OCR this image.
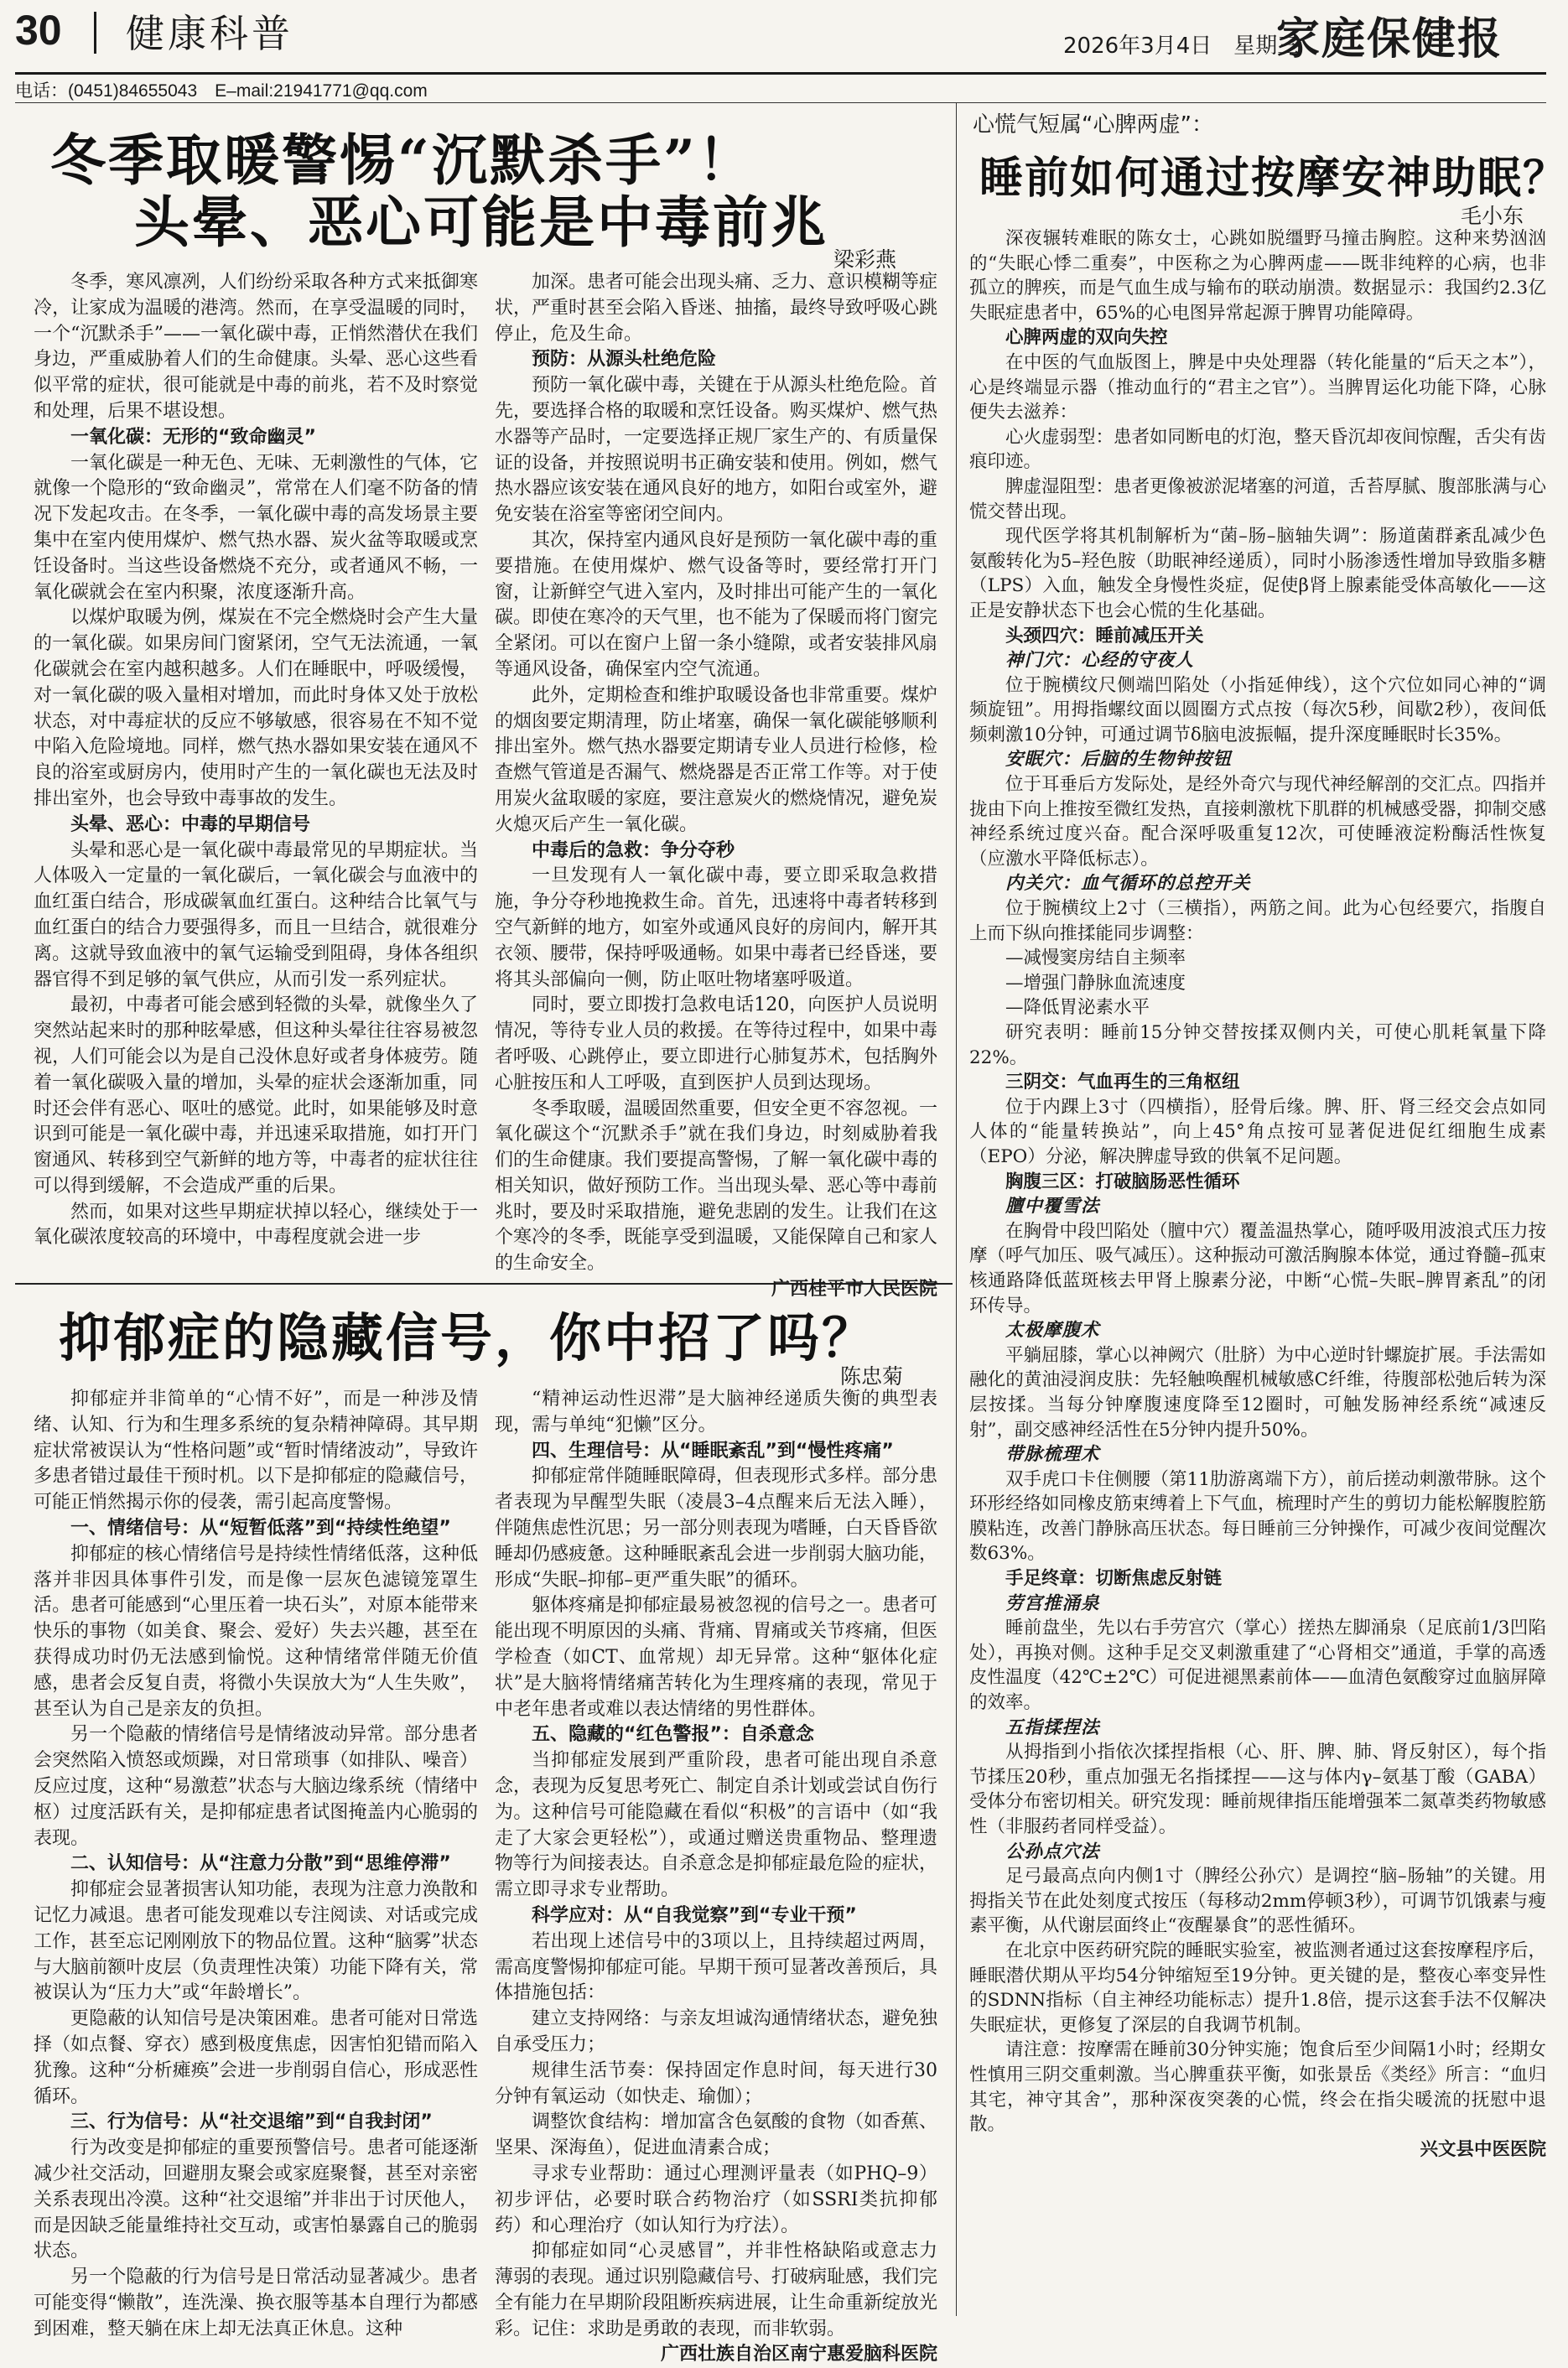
30 健康科普	2026年3月4日　星期三
家庭保健报
电话：(0451)84655043　E–mail:21941771@qq.com
冬季取暖警惕“沉默杀手”！
头晕、恶心可能是中毒前兆
梁彩燕

冬季，寒风凛冽，人们纷纷采取各种方式来抵御寒冷，让家成为温暖的港湾。然而，在享受温暖的同时，一个“沉默杀手”——一氧化碳中毒，正悄然潜伏在我们身边，严重威胁着人们的生命健康。头晕、恶心这些看似平常的症状，很可能就是中毒的前兆，若不及时察觉和处理，后果不堪设想。

一氧化碳：无形的“致命幽灵”

一氧化碳是一种无色、无味、无刺激性的气体，它就像一个隐形的“致命幽灵”，常常在人们毫不防备的情况下发起攻击。在冬季，一氧化碳中毒的高发场景主要集中在室内使用煤炉、燃气热水器、炭火盆等取暖或烹饪设备时。当这些设备燃烧不充分，或者通风不畅，一氧化碳就会在室内积聚，浓度逐渐升高。

以煤炉取暖为例，煤炭在不完全燃烧时会产生大量的一氧化碳。如果房间门窗紧闭，空气无法流通，一氧化碳就会在室内越积越多。人们在睡眠中，呼吸缓慢，对一氧化碳的吸入量相对增加，而此时身体又处于放松状态，对中毒症状的反应不够敏感，很容易在不知不觉中陷入危险境地。同样，燃气热水器如果安装在通风不良的浴室或厨房内，使用时产生的一氧化碳也无法及时排出室外，也会导致中毒事故的发生。

头晕、恶心：中毒的早期信号

头晕和恶心是一氧化碳中毒最常见的早期症状。当人体吸入一定量的一氧化碳后，一氧化碳会与血液中的血红蛋白结合，形成碳氧血红蛋白。这种结合比氧气与血红蛋白的结合力要强得多，而且一旦结合，就很难分离。这就导致血液中的氧气运输受到阻碍，身体各组织器官得不到足够的氧气供应，从而引发一系列症状。

最初，中毒者可能会感到轻微的头晕，就像坐久了突然站起来时的那种眩晕感，但这种头晕往往容易被忽视，人们可能会以为是自己没休息好或者身体疲劳。随着一氧化碳吸入量的增加，头晕的症状会逐渐加重，同时还会伴有恶心、呕吐的感觉。此时，如果能够及时意识到可能是一氧化碳中毒，并迅速采取措施，如打开门窗通风、转移到空气新鲜的地方等，中毒者的症状往往可以得到缓解，不会造成严重的后果。

然而，如果对这些早期症状掉以轻心，继续处于一氧化碳浓度较高的环境中，中毒程度就会进一步

加深。患者可能会出现头痛、乏力、意识模糊等症状，严重时甚至会陷入昏迷、抽搐，最终导致呼吸心跳停止，危及生命。

预防：从源头杜绝危险

预防一氧化碳中毒，关键在于从源头杜绝危险。首先，要选择合格的取暖和烹饪设备。购买煤炉、燃气热水器等产品时，一定要选择正规厂家生产的、有质量保证的设备，并按照说明书正确安装和使用。例如，燃气热水器应该安装在通风良好的地方，如阳台或室外，避免安装在浴室等密闭空间内。

其次，保持室内通风良好是预防一氧化碳中毒的重要措施。在使用煤炉、燃气设备等时，要经常打开门窗，让新鲜空气进入室内，及时排出可能产生的一氧化碳。即使在寒冷的天气里，也不能为了保暖而将门窗完全紧闭。可以在窗户上留一条小缝隙，或者安装排风扇等通风设备，确保室内空气流通。

此外，定期检查和维护取暖设备也非常重要。煤炉的烟囱要定期清理，防止堵塞，确保一氧化碳能够顺利排出室外。燃气热水器要定期请专业人员进行检修，检查燃气管道是否漏气、燃烧器是否正常工作等。对于使用炭火盆取暖的家庭，要注意炭火的燃烧情况，避免炭火熄灭后产生一氧化碳。

中毒后的急救：争分夺秒

一旦发现有人一氧化碳中毒，要立即采取急救措施，争分夺秒地挽救生命。首先，迅速将中毒者转移到空气新鲜的地方，如室外或通风良好的房间内，解开其衣领、腰带，保持呼吸通畅。如果中毒者已经昏迷，要将其头部偏向一侧，防止呕吐物堵塞呼吸道。

同时，要立即拨打急救电话120，向医护人员说明情况，等待专业人员的救援。在等待过程中，如果中毒者呼吸、心跳停止，要立即进行心肺复苏术，包括胸外心脏按压和人工呼吸，直到医护人员到达现场。

冬季取暖，温暖固然重要，但安全更不容忽视。一氧化碳这个“沉默杀手”就在我们身边，时刻威胁着我们的生命健康。我们要提高警惕，了解一氧化碳中毒的相关知识，做好预防工作。当出现头晕、恶心等中毒前兆时，要及时采取措施，避免悲剧的发生。让我们在这个寒冷的冬季，既能享受到温暖，又能保障自己和家人的生命安全。

广西桂平市人民医院

抑郁症的隐藏信号，你中招了吗？
陈忠菊

抑郁症并非简单的“心情不好”，而是一种涉及情绪、认知、行为和生理多系统的复杂精神障碍。其早期症状常被误认为“性格问题”或“暂时情绪波动”，导致许多患者错过最佳干预时机。以下是抑郁症的隐藏信号，可能正悄然揭示你的侵袭，需引起高度警惕。

一、情绪信号：从“短暂低落”到“持续性绝望”

抑郁症的核心情绪信号是持续性情绪低落，这种低落并非因具体事件引发，而是像一层灰色滤镜笼罩生活。患者可能感到“心里压着一块石头”，对原本能带来快乐的事物（如美食、聚会、爱好）失去兴趣，甚至在获得成功时仍无法感到愉悦。这种情绪常伴随无价值感，患者会反复自责，将微小失误放大为“人生失败”，甚至认为自己是亲友的负担。

另一个隐蔽的情绪信号是情绪波动异常。部分患者会突然陷入愤怒或烦躁，对日常琐事（如排队、噪音）反应过度，这种“易激惹”状态与大脑边缘系统（情绪中枢）过度活跃有关，是抑郁症患者试图掩盖内心脆弱的表现。

二、认知信号：从“注意力分散”到“思维停滞”

抑郁症会显著损害认知功能，表现为注意力涣散和记忆力减退。患者可能发现难以专注阅读、对话或完成工作，甚至忘记刚刚放下的物品位置。这种“脑雾”状态与大脑前额叶皮层（负责理性决策）功能下降有关，常被误认为“压力大”或“年龄增长”。

更隐蔽的认知信号是决策困难。患者可能对日常选择（如点餐、穿衣）感到极度焦虑，因害怕犯错而陷入犹豫。这种“分析瘫痪”会进一步削弱自信心，形成恶性循环。

三、行为信号：从“社交退缩”到“自我封闭”

行为改变是抑郁症的重要预警信号。患者可能逐渐减少社交活动，回避朋友聚会或家庭聚餐，甚至对亲密关系表现出冷漠。这种“社交退缩”并非出于讨厌他人，而是因缺乏能量维持社交互动，或害怕暴露自己的脆弱状态。

另一个隐蔽的行为信号是日常活动显著减少。患者可能变得“懒散”，连洗澡、换衣服等基本自理行为都感到困难，整天躺在床上却无法真正休息。这种

“精神运动性迟滞”是大脑神经递质失衡的典型表现，需与单纯“犯懒”区分。

四、生理信号：从“睡眠紊乱”到“慢性疼痛”

抑郁症常伴随睡眠障碍，但表现形式多样。部分患者表现为早醒型失眠（凌晨3–4点醒来后无法入睡），伴随焦虑性沉思；另一部分则表现为嗜睡，白天昏昏欲睡却仍感疲惫。这种睡眠紊乱会进一步削弱大脑功能，形成“失眠–抑郁–更严重失眠”的循环。

躯体疼痛是抑郁症最易被忽视的信号之一。患者可能出现不明原因的头痛、背痛、胃痛或关节疼痛，但医学检查（如CT、血常规）却无异常。这种“躯体化症状”是大脑将情绪痛苦转化为生理疼痛的表现，常见于中老年患者或难以表达情绪的男性群体。

五、隐藏的“红色警报”：自杀意念

当抑郁症发展到严重阶段，患者可能出现自杀意念，表现为反复思考死亡、制定自杀计划或尝试自伤行为。这种信号可能隐藏在看似“积极”的言语中（如“我走了大家会更轻松”），或通过赠送贵重物品、整理遗物等行为间接表达。自杀意念是抑郁症最危险的症状，需立即寻求专业帮助。

科学应对：从“自我觉察”到“专业干预”

若出现上述信号中的3项以上，且持续超过两周，需高度警惕抑郁症可能。早期干预可显著改善预后，具体措施包括：

建立支持网络：与亲友坦诚沟通情绪状态，避免独自承受压力；

规律生活节奏：保持固定作息时间，每天进行30分钟有氧运动（如快走、瑜伽）；

调整饮食结构：增加富含色氨酸的食物（如香蕉、坚果、深海鱼），促进血清素合成；

寻求专业帮助：通过心理测评量表（如PHQ–9）初步评估，必要时联合药物治疗（如SSRI类抗抑郁药）和心理治疗（如认知行为疗法）。

抑郁症如同“心灵感冒”，并非性格缺陷或意志力薄弱的表现。通过识别隐藏信号、打破病耻感，我们完全有能力在早期阶段阻断疾病进展，让生命重新绽放光彩。记住：求助是勇敢的表现，而非软弱。

广西壮族自治区南宁惠爱脑科医院

心慌气短属“心脾两虚”：
睡前如何通过按摩安神助眠？
毛小东

深夜辗转难眠的陈女士，心跳如脱缰野马撞击胸腔。这种来势汹汹的“失眠心悸二重奏”，中医称之为心脾两虚——既非纯粹的心病，也非孤立的脾疾，而是气血生成与输布的联动崩溃。数据显示：我国约2.3亿失眠症患者中，65%的心电图异常起源于脾胃功能障碍。

心脾两虚的双向失控

在中医的气血版图上，脾是中央处理器（转化能量的“后天之本”），心是终端显示器（推动血行的“君主之官”）。当脾胃运化功能下降，心脉便失去滋养：

心火虚弱型：患者如同断电的灯泡，整天昏沉却夜间惊醒，舌尖有齿痕印迹。

脾虚湿阻型：患者更像被淤泥堵塞的河道，舌苔厚腻、腹部胀满与心慌交替出现。

现代医学将其机制解析为“菌–肠–脑轴失调”：肠道菌群紊乱减少色氨酸转化为5–羟色胺（助眠神经递质），同时小肠渗透性增加导致脂多糖（LPS）入血，触发全身慢性炎症，促使β肾上腺素能受体高敏化——这正是安静状态下也会心慌的生化基础。

头颈四穴：睡前减压开关

神门穴：心经的守夜人

位于腕横纹尺侧端凹陷处（小指延伸线），这个穴位如同心神的“调频旋钮”。用拇指螺纹面以圆圈方式点按（每次5秒，间歇2秒），夜间低频刺激10分钟，可通过调节δ脑电波振幅，提升深度睡眠时长35%。

安眠穴：后脑的生物钟按钮

位于耳垂后方发际处，是经外奇穴与现代神经解剖的交汇点。四指并拢由下向上推按至微红发热，直接刺激枕下肌群的机械感受器，抑制交感神经系统过度兴奋。配合深呼吸重复12次，可使睡液淀粉酶活性恢复（应激水平降低标志）。

内关穴：血气循环的总控开关

位于腕横纹上2寸（三横指），两筋之间。此为心包经要穴，指腹自上而下纵向推揉能同步调整：

—减慢窦房结自主频率

—增强门静脉血流速度

—降低胃泌素水平

研究表明：睡前15分钟交替按揉双侧内关，可使心肌耗氧量下降22%。

三阴交：气血再生的三角枢纽

位于内踝上3寸（四横指），胫骨后缘。脾、肝、肾三经交会点如同人体的“能量转换站”，向上45°角点按可显著促进促红细胞生成素（EPO）分泌，解决脾虚导致的供氧不足问题。

胸腹三区：打破脑肠恶性循环

膻中覆雪法

在胸骨中段凹陷处（膻中穴）覆盖温热掌心，随呼吸用波浪式压力按摩（呼气加压、吸气减压）。这种振动可激活胸腺本体觉，通过脊髓–孤束核通路降低蓝斑核去甲肾上腺素分泌，中断“心慌–失眠–脾胃紊乱”的闭环传导。

太极摩腹术

平躺屈膝，掌心以神阙穴（肚脐）为中心逆时针螺旋扩展。手法需如融化的黄油浸润皮肤：先轻触唤醒机械敏感C纤维，待腹部松弛后转为深层按揉。当每分钟摩腹速度降至12圈时，可触发肠神经系统“减速反射”，副交感神经活性在5分钟内提升50%。

带脉梳理术

双手虎口卡住侧腰（第11肋游离端下方），前后搓动刺激带脉。这个环形经络如同橡皮筋束缚着上下气血，梳理时产生的剪切力能松解腹腔筋膜粘连，改善门静脉高压状态。每日睡前三分钟操作，可减少夜间觉醒次数63%。

手足终章：切断焦虑反射链

劳宫推涌泉

睡前盘坐，先以右手劳宫穴（掌心）搓热左脚涌泉（足底前1/3凹陷处），再换对侧。这种手足交叉刺激重建了“心肾相交”通道，手掌的高透皮性温度（42℃±2℃）可促进褪黑素前体——血清色氨酸穿过血脑屏障的效率。

五指揉捏法

从拇指到小指依次揉捏指根（心、肝、脾、肺、肾反射区），每个指节揉压20秒，重点加强无名指揉捏——这与体内γ–氨基丁酸（GABA）受体分布密切相关。研究发现：睡前规律指压能增强苯二氮䓬类药物敏感性（非服药者同样受益）。

公孙点穴法

足弓最高点向内侧1寸（脾经公孙穴）是调控“脑–肠轴”的关键。用拇指关节在此处刻度式按压（每移动2mm停顿3秒），可调节饥饿素与瘦素平衡，从代谢层面终止“夜醒暴食”的恶性循环。

在北京中医药研究院的睡眠实验室，被监测者通过这套按摩程序后，睡眠潜伏期从平均54分钟缩短至19分钟。更关键的是，整夜心率变异性的SDNN指标（自主神经功能标志）提升1.8倍，提示这套手法不仅解决失眠症状，更修复了深层的自我调节机制。

请注意：按摩需在睡前30分钟实施；饱食后至少间隔1小时；经期女性慎用三阴交重刺激。当心脾重获平衡，如张景岳《类经》所言：“血归其宅，神守其舍”，那种深夜突袭的心慌，终会在指尖暖流的抚慰中退散。

兴文县中医医院
